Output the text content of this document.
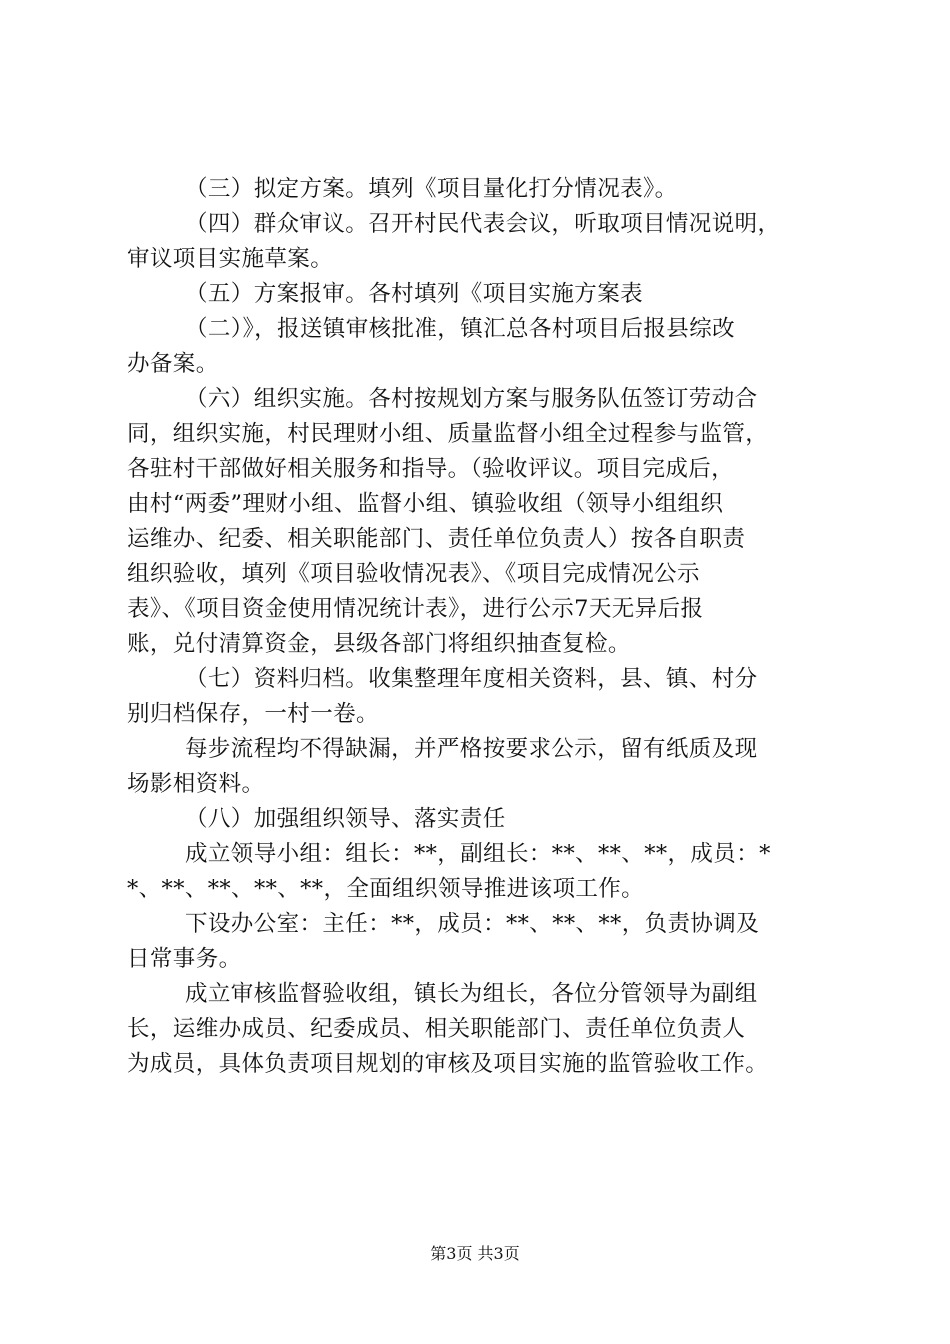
（三）拟定方案。填列《项目量化打分情况表》。
（四）群众审议。召开村民代表会议，听取项目情况说明，
审议项目实施草案。
（五）方案报审。各村填列《项目实施方案表
（二）》，报送镇审核批准，镇汇总各村项目后报县综改
办备案。
（六）组织实施。各村按规划方案与服务队伍签订劳动合
同，组织实施，村民理财小组、质量监督小组全过程参与监管，
各驻村干部做好相关服务和指导。（验收评议。项目完成后，
由村“两委”理财小组、监督小组、镇验收组（领导小组组织
运维办、纪委、相关职能部门、责任单位负责人）按各自职责
组织验收，填列《项目验收情况表》、《项目完成情况公示
表》、《项目资金使用情况统计表》，进行公示7天无异后报
账，兑付清算资金，县级各部门将组织抽查复检。
（七）资料归档。收集整理年度相关资料，县、镇、村分
别归档保存，一村一卷。
每步流程均不得缺漏，并严格按要求公示，留有纸质及现
场影相资料。
（八）加强组织领导、落实责任
成立领导小组：组长：**，副组长：**、**、**，成员：*
*、**、**、**、**，全面组织领导推进该项工作。
下设办公室：主任：**，成员：**、**、**，负责协调及
日常事务。
成立审核监督验收组，镇长为组长，各位分管领导为副组
长，运维办成员、纪委成员、相关职能部门、责任单位负责人
为成员，具体负责项目规划的审核及项目实施的监管验收工作。
第3页 共3页
